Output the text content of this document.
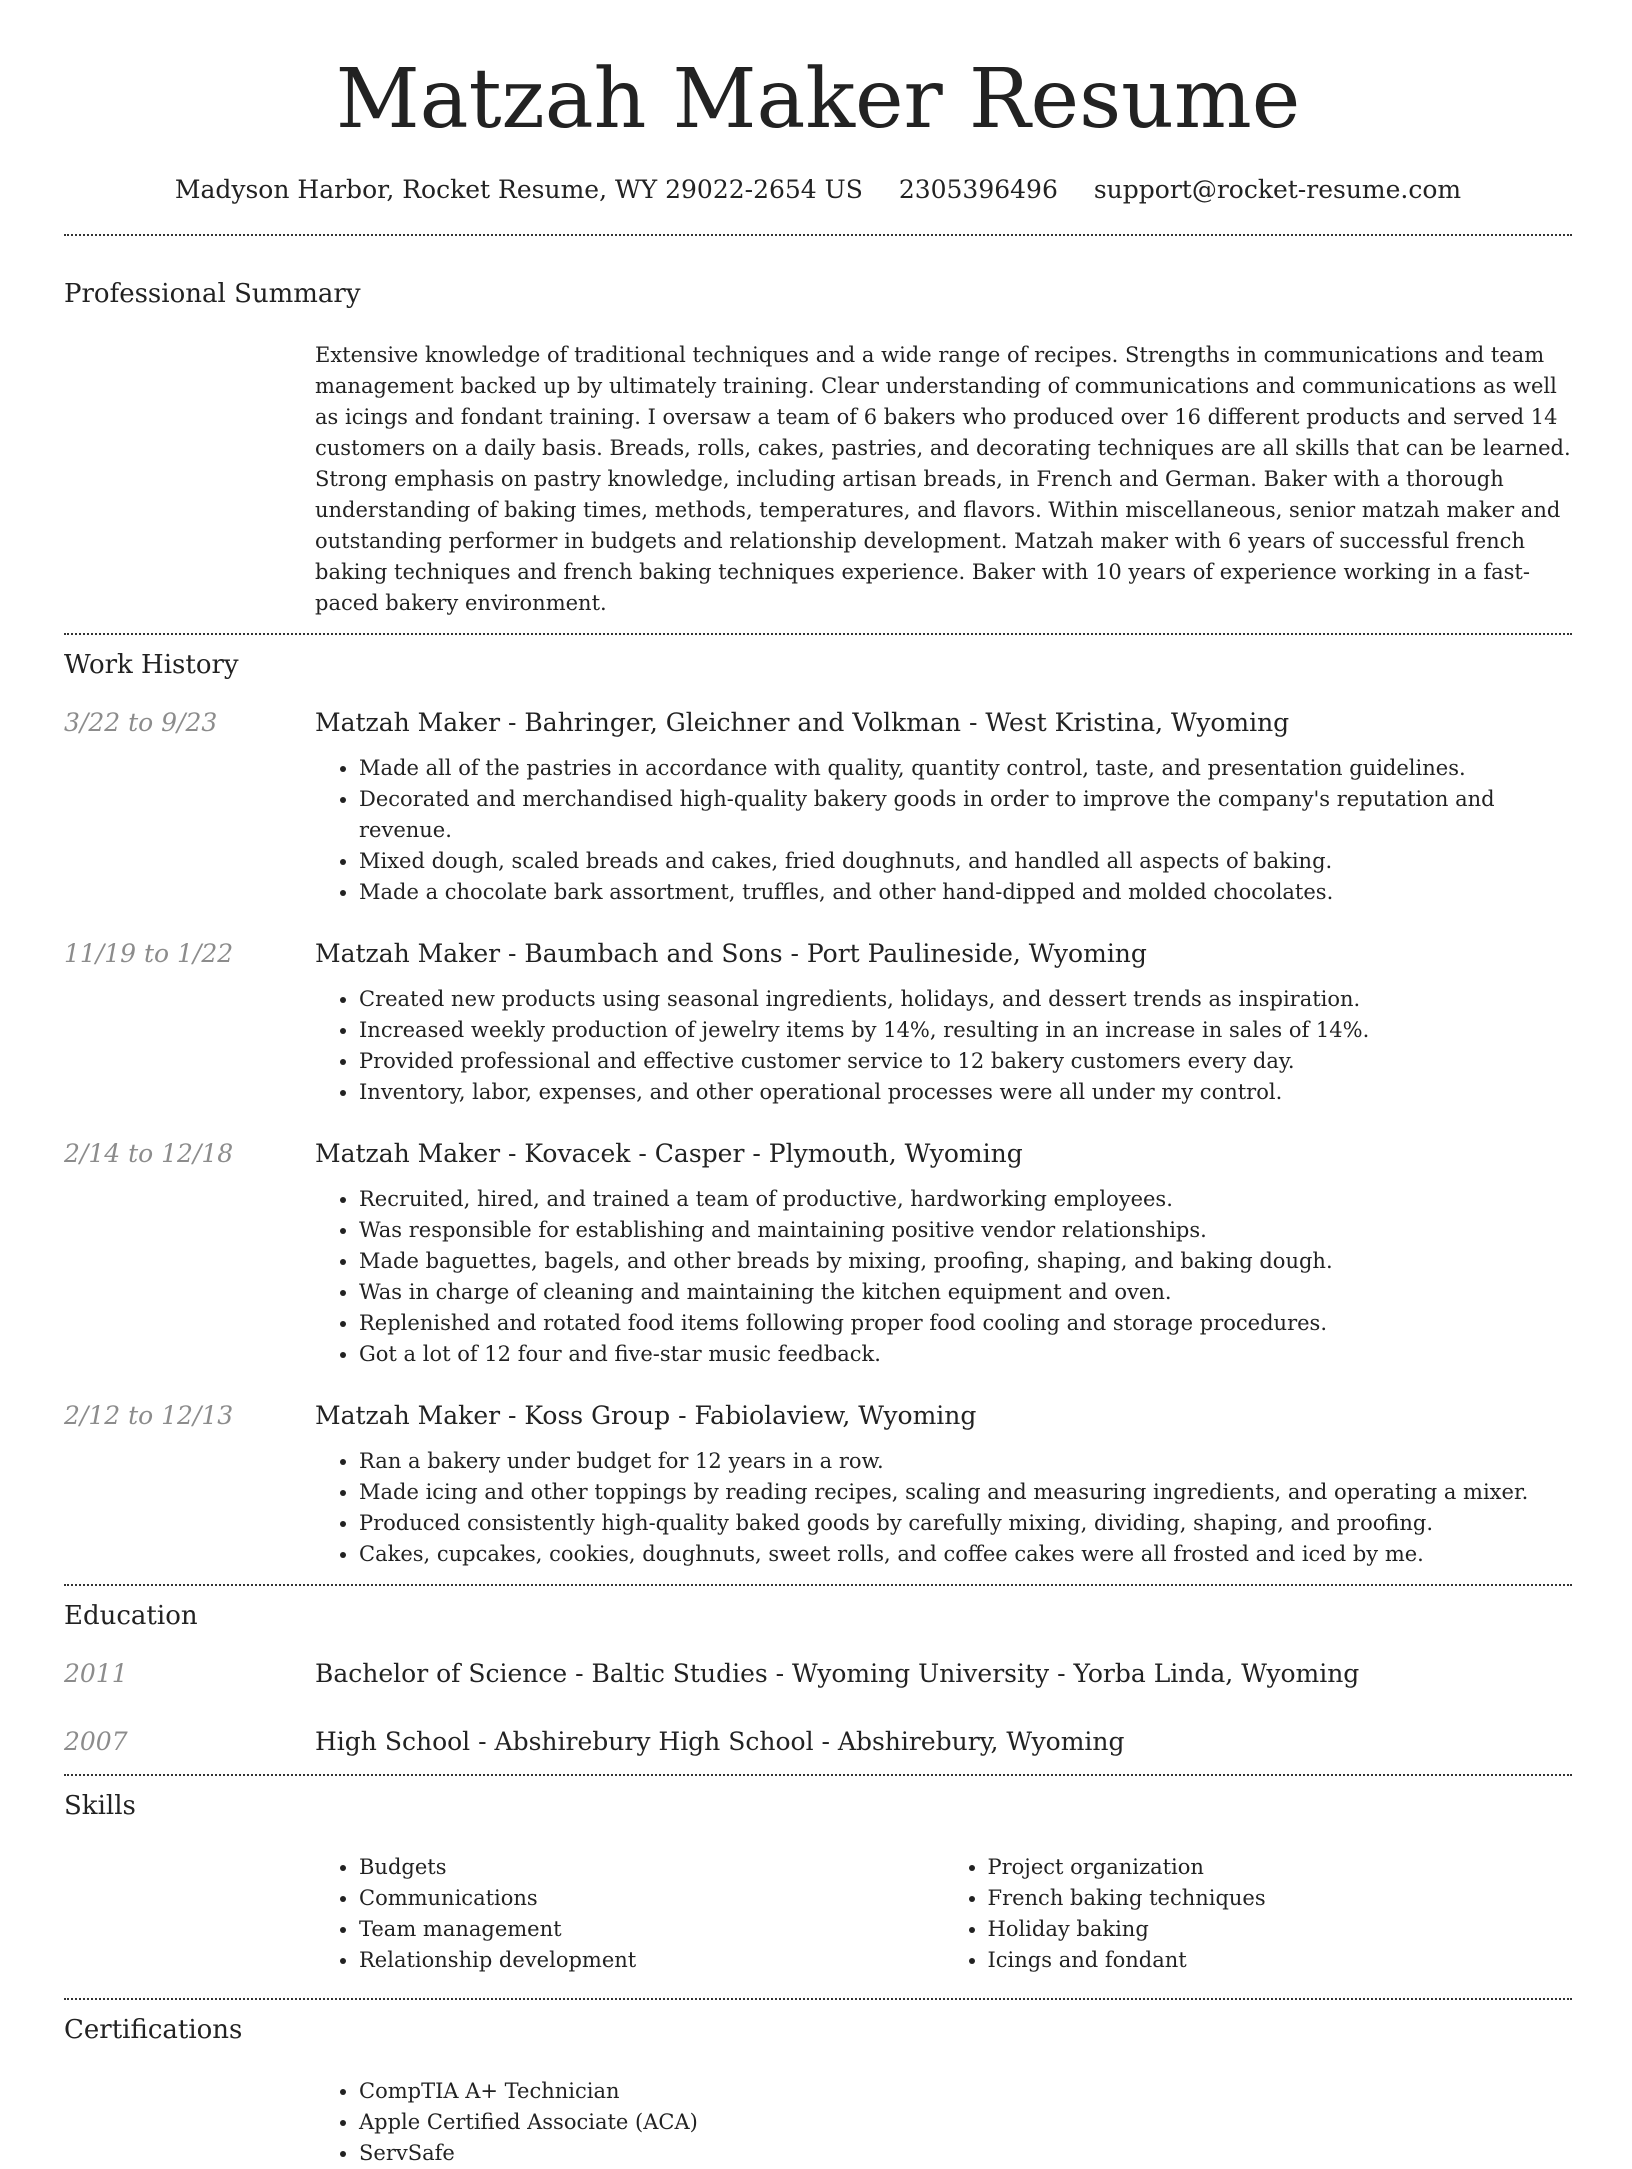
Matzah Maker Resume
Madyson Harbor, Rocket Resume, WY 29022-2654 US 2305396496 support@rocket-resume.com
Professional Summary

Extensive knowledge of traditional techniques and a wide range of recipes. Strengths in communications and team management backed up by ultimately training. Clear understanding of communications and communications as well as icings and fondant training. I oversaw a team of 6 bakers who produced over 16 different products and served 14 customers on a daily basis. Breads, rolls, cakes, pastries, and decorating techniques are all skills that can be learned. Strong emphasis on pastry knowledge, including artisan breads, in French and German. Baker with a thorough understanding of baking times, methods, temperatures, and flavors. Within miscellaneous, senior matzah maker and outstanding performer in budgets and relationship development. Matzah maker with 6 years of successful french baking techniques and french baking techniques experience. Baker with 10 years of experience working in a fast-paced bakery environment.

Work History
3/22 to 9/23	Matzah Maker - Bahringer, Gleichner and Volkman - West Kristina, Wyoming
• Made all of the pastries in accordance with quality, quantity control, taste, and presentation guidelines.
• Decorated and merchandised high-quality bakery goods in order to improve the company's reputation and revenue.
• Mixed dough, scaled breads and cakes, fried doughnuts, and handled all aspects of baking.
• Made a chocolate bark assortment, truffles, and other hand-dipped and molded chocolates.
11/19 to 1/22	Matzah Maker - Baumbach and Sons - Port Paulineside, Wyoming
• Created new products using seasonal ingredients, holidays, and dessert trends as inspiration.
• Increased weekly production of jewelry items by 14%, resulting in an increase in sales of 14%.
• Provided professional and effective customer service to 12 bakery customers every day.
• Inventory, labor, expenses, and other operational processes were all under my control.
2/14 to 12/18	Matzah Maker - Kovacek - Casper - Plymouth, Wyoming
• Recruited, hired, and trained a team of productive, hardworking employees.
• Was responsible for establishing and maintaining positive vendor relationships.
• Made baguettes, bagels, and other breads by mixing, proofing, shaping, and baking dough.
• Was in charge of cleaning and maintaining the kitchen equipment and oven.
• Replenished and rotated food items following proper food cooling and storage procedures.
• Got a lot of 12 four and five-star music feedback.
2/12 to 12/13	Matzah Maker - Koss Group - Fabiolaview, Wyoming
• Ran a bakery under budget for 12 years in a row.
• Made icing and other toppings by reading recipes, scaling and measuring ingredients, and operating a mixer.
• Produced consistently high-quality baked goods by carefully mixing, dividing, shaping, and proofing.
• Cakes, cupcakes, cookies, doughnuts, sweet rolls, and coffee cakes were all frosted and iced by me.
Education
2011	Bachelor of Science - Baltic Studies - Wyoming University - Yorba Linda, Wyoming
2007	High School - Abshirebury High School - Abshirebury, Wyoming
Skills
• Budgets
• Communications
• Team management
• Relationship development
• Project organization
• French baking techniques
• Holiday baking
• Icings and fondant
Certifications
• CompTIA A+ Technician
• Apple Certified Associate (ACA)
• ServSafe
